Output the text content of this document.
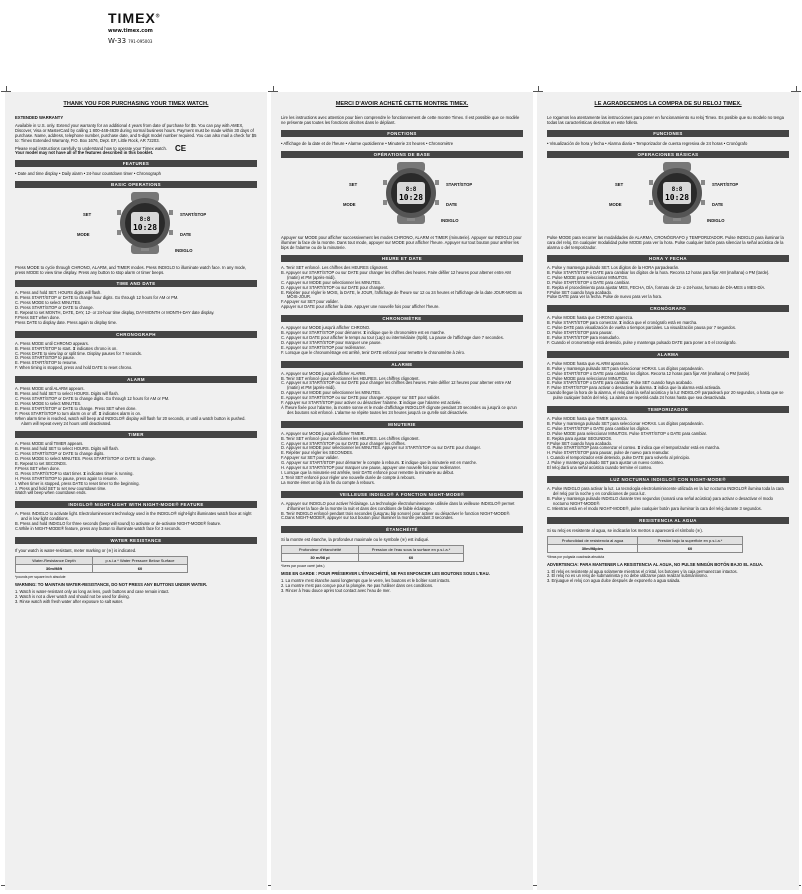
TIMEX®
www.timex.com
W-33 791-095003
THANK YOU FOR PURCHASING YOUR TIMEX WATCH.
EXTENDED WARRANTY
Available in U.S. only. Extend your warranty for an additional 4 years from date of purchase for $5. You can pay with AMEX, Discover, Visa or MasterCard by calling 1 800-448-4639 during normal business hours. Payment must be made within 30 days of purchase. Name, address, telephone number, purchase date, and 5-digit model number required. You can also mail a check for $5 to: Timex Extended Warranty, P.O. Box 1676, Dept. EF, Little Rock, AR 72203.
Please read instructions carefully to understand how to operate your Timex watch. CE
Your model may not have all of the features described in this booklet.
FEATURES
• Date and time display • Daily alarm • 24-hour countdown timer • Chronograph
BASIC OPERATIONS
8:8
10:28
SET
MODE
START/STOP
DATE
INDIGLO
Press MODE to cycle through CHRONO, ALARM, and TIMER modes. Press INDIGLO to illuminate watch face. In any mode, press MODE to view time display. Press any button to stop alarm or timer beeps.
TIME AND DATE
A. Press and hold SET. HOURS digits will flash.
B. Press START/STOP or DATE to change hour digits. Go through 12 hours for AM or PM.
C. Press MODE to select MINUTES.
D. Press START/STOP or DATE to change.
E. Repeat to set MONTH, DATE, DAY, 12- or 24-hour time display, DAY-MONTH or MONTH-DAY date display.
F.Press SET when done.
Press DATE to display date. Press again to display time.
CHRONOGRAPH
A. Press MODE until CHRONO appears.
B. Press START/STOP to start. ⧗ indicates chrono is on.
C. Press DATE to view lap or split time. Display pauses for 7 seconds.
D. Press START/STOP to pause.
E. Press START/STOP to resume.
F. When timing is stopped, press and hold DATE to reset chrono.
ALARM
A. Press MODE until ALARM appears.
B. Press and hold SET to select HOURS. Digits will flash.
C. Press START/STOP or DATE to change digits. Go through 12 hours for AM or PM.
D. Press MODE to select MINUTES.
E. Press START/STOP or DATE to change. Press SET when done.
F. Press START/STOP to turn alarm on or off. ⧗ indicates alarm is on.
When alarm time is reached, watch will beep and INDIGLO® display will flash for 20 seconds, or until a watch button is pushed. Alarm will repeat every 24 hours until deactivated.
TIMER
A. Press MODE until TIMER appears.
B. Press and hold SET to select HOURS. Digits will flash.
C. Press START/STOP or DATE to change digits.
D. Press MODE to select MINUTES. Press START/STOP or DATE to change.
E. Repeat to set SECONDS.
F.Press SET when done.
G. Press START/STOP to start timer. ⧗ indicates timer is running.
H. Press START/STOP to pause, press again to resume.
I. When timer is stopped, press DATE to reset timer to the beginning.
J. Press and hold SET to set new countdown time.
Watch will beep when countdown ends.
INDIGLO® NIGHT-LIGHT WITH NIGHT-MODE® FEATURE
A. Press INDIGLO to activate light. Electroluminescent technology used in the INDIGLO® night-light illuminates watch face at night and in low light conditions.
B. Press and hold INDIGLO for three seconds (beep will sound) to activate or de-activate NIGHT-MODE® feature.
C.While in NIGHT-MODE® feature, press any button to illuminate watch face for 3 seconds.
WATER RESISTANCE
If your watch is water-resistant, meter marking or (≋) is indicated.
Water-Resistance Depth	p.s.i.a * Water Pressure Below Surface
30m/98ft	60
*pounds per square inch absolute
WARNING: TO MAINTAIN WATER-RESISTANCE, DO NOT PRESS ANY BUTTONS UNDER WATER.
1. Watch is water-resistant only as long as lens, push buttons and case remain intact.
2. Watch is not a diver watch and should not be used for diving.
3. Rinse watch with fresh water after exposure to salt water.
MERCI D'AVOIR ACHETÉ CETTE MONTRE TIMEX.
Lire les instructions avec attention pour bien comprendre le fonctionnement de cette montre Timex. Il est possible que ce modèle ne présente pas toutes les fonctions décrites dans le dépliant.
FONCTIONS
• Affichage de la date et de l'heure • Alarme quotidienne • Minuterie 24 heures • Chronomètre
OPÉRATIONS DE BASE
8:8
10:28
SET
MODE
START/STOP
DATE
INDIGLO
Appuyer sur MODE pour afficher successivement les modes CHRONO, ALARM et TIMER (minuterie). Appuyer sur INDIGLO pour illuminer la face de la montre. Dans tout mode, appuyer sur MODE pour afficher l'heure. Appuyer sur tout bouton pour arrêter les bips de l'alarme ou de la minuterie.
HEURE ET DATE
A. Tenir SET enfoncé. Les chiffres des HEURES clignotent.
B. Appuyer sur START/STOP ou sur DATE pour changer les chiffres des heures. Faire défiler 12 heures pour alterner entre AM (matin) et PM (après-midi).
C. Appuyer sur MODE pour sélectionner les MINUTES.
D. Appuyer sur START/STOP ou sur DATE pour changer.
E. Répéter pour régler le MOIS, la DATE, le JOUR, l'affichage de l'heure sur 12 ou 24 heures et l'affichage de la date JOUR-MOIS ou MOIS-JOUR.
F.Appuyer sur SET pour valider.
Appuyer sur DATE pour afficher la date. Appuyer une nouvelle fois pour afficher l'heure.
CHRONOMÈTRE
A. Appuyer sur MODE jusqu'à afficher CHRONO.
B. Appuyer sur START/STOP pour démarrer. ⧗ indique que le chronomètre est en marche.
C. Appuyer sur DATE pour afficher le temps au tour (Lap) ou intermédiaire (Split). La pause de l'affichage dure 7 secondes.
D. Appuyer sur START/STOP pour marquer une pause.
E. Appuyer sur START/STOP pour redémarrer.
F. Lorsque que le chronomètrage est arrêté, tenir DATE enfoncé pour remettre le chronomètre à zéro.
ALARME
A. Appuyer sur MODE jusqu'à afficher ALARM.
B. Tenir SET enfoncé pour sélectionner les HEURES. Les chiffres clignotent.
C. Appuyer sur START/STOP ou sur DATE pour changer les chiffres des heures. Faire défiler 12 heures pour alterner entre AM (matin) et PM (après-midi).
D. Appuyer sur MODE pour sélectionner les MINUTES.
E. Appuyer sur START/STOP ou sur DATE pour changer. Appuyer sur SET pour valider.
F. Appuyer sur START/STOP pour activer ou désactiver l'alarme. ⧗ indique que l'alarme est activée.
À l'heure fixée pour l'alarme, la montre sonne et le mode d'affichage INDIGLO® clignote pendant 20 secondes ou jusqu'à ce qu'un des boutons soit enfoncé. L'alarme se répète toutes les 24 heures jusqu'à ce qu'elle soit désactivée.
MINUTERIE
A. Appuyer sur MODE jusqu'à afficher TIMER.
B. Tenir SET enfoncé pour sélectionner les HEURES. Les chiffres clignotent.
C. Appuyer sur START/STOP ou sur DATE pour changer les chiffres.
D. Appuyer sur MODE pour sélectionner les MINUTES. Appuyer sur START/STOP ou sur DATE pour changer.
E. Répéter pour régler les SECONDES.
F.Appuyer sur SET pour valider.
G. Appuyer sur START/STOP pour démarrer le compte à rebours. ⧗ indique que la minuterie est en marche.
H. Appuyer sur START/STOP pour marquer une pause, appuyer une nouvelle fois pour redémarrer.
I. Lorsque que la minuterie est arrêtée, tenir DATE enfoncé pour remettre la minuterie au début.
J. Tenir SET enfoncé pour régler une nouvelle durée de compte à rebours.
La montre émet un bip à la fin du compte à rebours.
VEILLEUSE INDIGLO® À FONCTION NIGHT-MODE®
A. Appuyer sur INDIGLO pour activer l'éclairage. La technologie électroluminescente utilisée dans la veilleuse INDIGLO® permet d'illuminer la face de la montre la nuit et dans des conditions de faible éclairage.
B. Tenir INDIGLO enfoncé pendant trois secondes (jusqu'au bip sonore) pour activer ou désactiver le fonction NIGHT-MODE®.
C.Dans NIGHT-MODE®, appuyer sur tout bouton pour illuminer la montre pendant 3 secondes.
ÉTANCHÉITÉ
Si la montre est étanche, la profondeur maximale ou le symbole (≋) est indiqué.
Profondeur d'étanchéité	Pression de l'eau sous la surface en p.s.i.a.*
30 m/98 pi	60
*livres par pouce carré (abs.)
MISE EN GARDE : POUR PRÉSERVER L'ÉTANCHÉITÉ, NE PAS ENFONCER LES BOUTONS SOUS L'EAU.
1. La montre n'est étanche aussi longtemps que le verre, les boutons et le boîtier sont intacts.
2. La montre n'est pas conçue pour la plongée. Ne pas l'utiliser dans ces conditions.
3. Rincer à l'eau douce après tout contact avec l'eau de mer.
LE AGRADECEMOS LA COMPRA DE SU RELOJ TIMEX.
Le rogamos lea atentamente las instrucciones para poner en funcionamiento su reloj Timex. Es posible que su modelo no tenga todas las características descritas en este folleto.
FUNCIONES
• Visualización de hora y fecha • Alarma diaria • Temporizador de cuenta regresiva de 24 horas • Cronógrafo
OPERACIONES BÁSICAS
8:8
10:28
SET
MODE
START/STOP
DATE
INDIGLO
Pulse MODE para recorrer las modalidades de ALARMA, CRONÓGRAFO y TEMPORIZADOR. Pulse INDIGLO para iluminar la cara del reloj. En cualquier modalidad pulse MODE para ver la hora. Pulse cualquier botón para silenciar la señal acústica de la alarma o del temporizador.
HORA Y FECHA
A. Pulse y mantenga pulsado SET. Los dígitos de la HORA parpadearán.
B. Pulse START/STOP o DATE para cambiar los dígitos de la hora. Recorra 12 horas para fijar AM (mañana) o PM (tarde).
C. Pulse MODE para seleccionar MINUTOS.
D. Pulse START/STOP o DATE para cambiar.
E. Repita el procedimiento para ajustar MES, FECHA, DÍA, formato de 12- o 24-horas, formato de DÍA-MES o MES-DÍA.
F.Pulse SET cuando haya acabado.
Pulse DATE para ver la fecha. Pulse de nuevo para ver la hora.
CRONÓGRAFO
A. Pulse MODE hasta que CHRONO aparezca.
B. Pulse START/STOP para comenzar. ⧗ indica que el cronógrafo está en marcha.
C. Pulse DATE para visualización de vuelta o tiempos parciales. La visualización pausa por 7 segundos.
D. Pulse START/STOP para pausar.
E. Pulse START/STOP para reanudarlo.
F. Cuando el cronometraje está detenido, pulse y mantenga pulsado DATE para poner a 0 el cronógrafo.
ALARMA
A. Pulse MODE hasta que ALARM aparezca.
B. Pulse y mantenga pulsado SET para seleccionar HORAS. Los dígitos parpadearán.
C. Pulse START/STOP o DATE para cambiar los dígitos. Recorra 12 horas para fijar AM (mañana) o PM (tarde).
D. Pulse MODE para seleccionar MINUTOS.
E. Pulse START/STOP o DATE para cambiar. Pulse SET cuando haya acabado.
F. Pulse START/STOP para activar o desactivar la alarma. ⧗ indica que la alarma está activada.
Cuando llegue la hora de la alarma, el reloj dará la señal acústica y la luz INDIGLO® parpadeará por 20 segundos, o hasta que se pulse cualquier botón del reloj. La alarma se repetirá cada 24 horas hasta que sea desactivada.
TEMPORIZADOR
A. Pulse MODE hasta que TIMER aparezca.
B. Pulse y mantenga pulsado SET para seleccionar HORAS. Los dígitos parpadearán.
C. Pulse START/STOP o DATE para cambiar los dígitos.
D. Pulse MODE para seleccionar MINUTOS. Pulse START/STOP o DATE para cambiar.
E. Repita para ajustar SEGUNDOS.
F.Pulse SET cuando haya acabado.
G. Pulse START/STOP para comenzar el conteo. ⧗ indica que el temporizador está en marcha.
H. Pulse START/STOP para pausar, pulse de nuevo para reanudar.
I. Cuando el temporizador esté detenido, pulse DATE para volverlo al principio.
J. Pulse y mantenga pulsado SET para ajustar un nuevo conteo.
El reloj dará una señal acústica cuando termine el conteo.
LUZ NOCTURNA INDIGLO® CON NIGHT-MODE®
A. Pulse INDIGLO para activar la luz. La tecnología electroluminiscente utilizada en la luz nocturna INDIGLO® ilumina toda la cara del reloj por la noche y en condiciones de poca luz.
B. Pulse y mantenga pulsado INDIGLO durante tres segundos (sonará una señal acústica) para activar o desactivar el modo nocturno NIGHT-MODE®.
C. Mientras está en el modo NIGHT-MODE®, pulse cualquier botón para iluminar la cara del reloj durante 3 segundos.
RESISTENCIA AL AGUA
Si su reloj es resistente al agua, se indicarán los metros o aparecerá el símbolo (≋).
Profundidad de resistencia al agua	Presión bajo la superficie en p.s.i.a.*
30m/98pies	60
*libras por pulgada cuadrada absoluta
ADVERTENCIA: PARA MANTENER LA RESISTENCIA AL AGUA, NO PULSE NINGÚN BOTÓN BAJO EL AGUA.
1. El reloj es resistente al agua solamente mientras el cristal, los botones y la caja permanezcan intactos.
2. El reloj no es un reloj de submarinista y no debe utilizarse para realizar submarinismo.
3. Enjuague el reloj con agua dulce después de exponerlo a agua salada.
